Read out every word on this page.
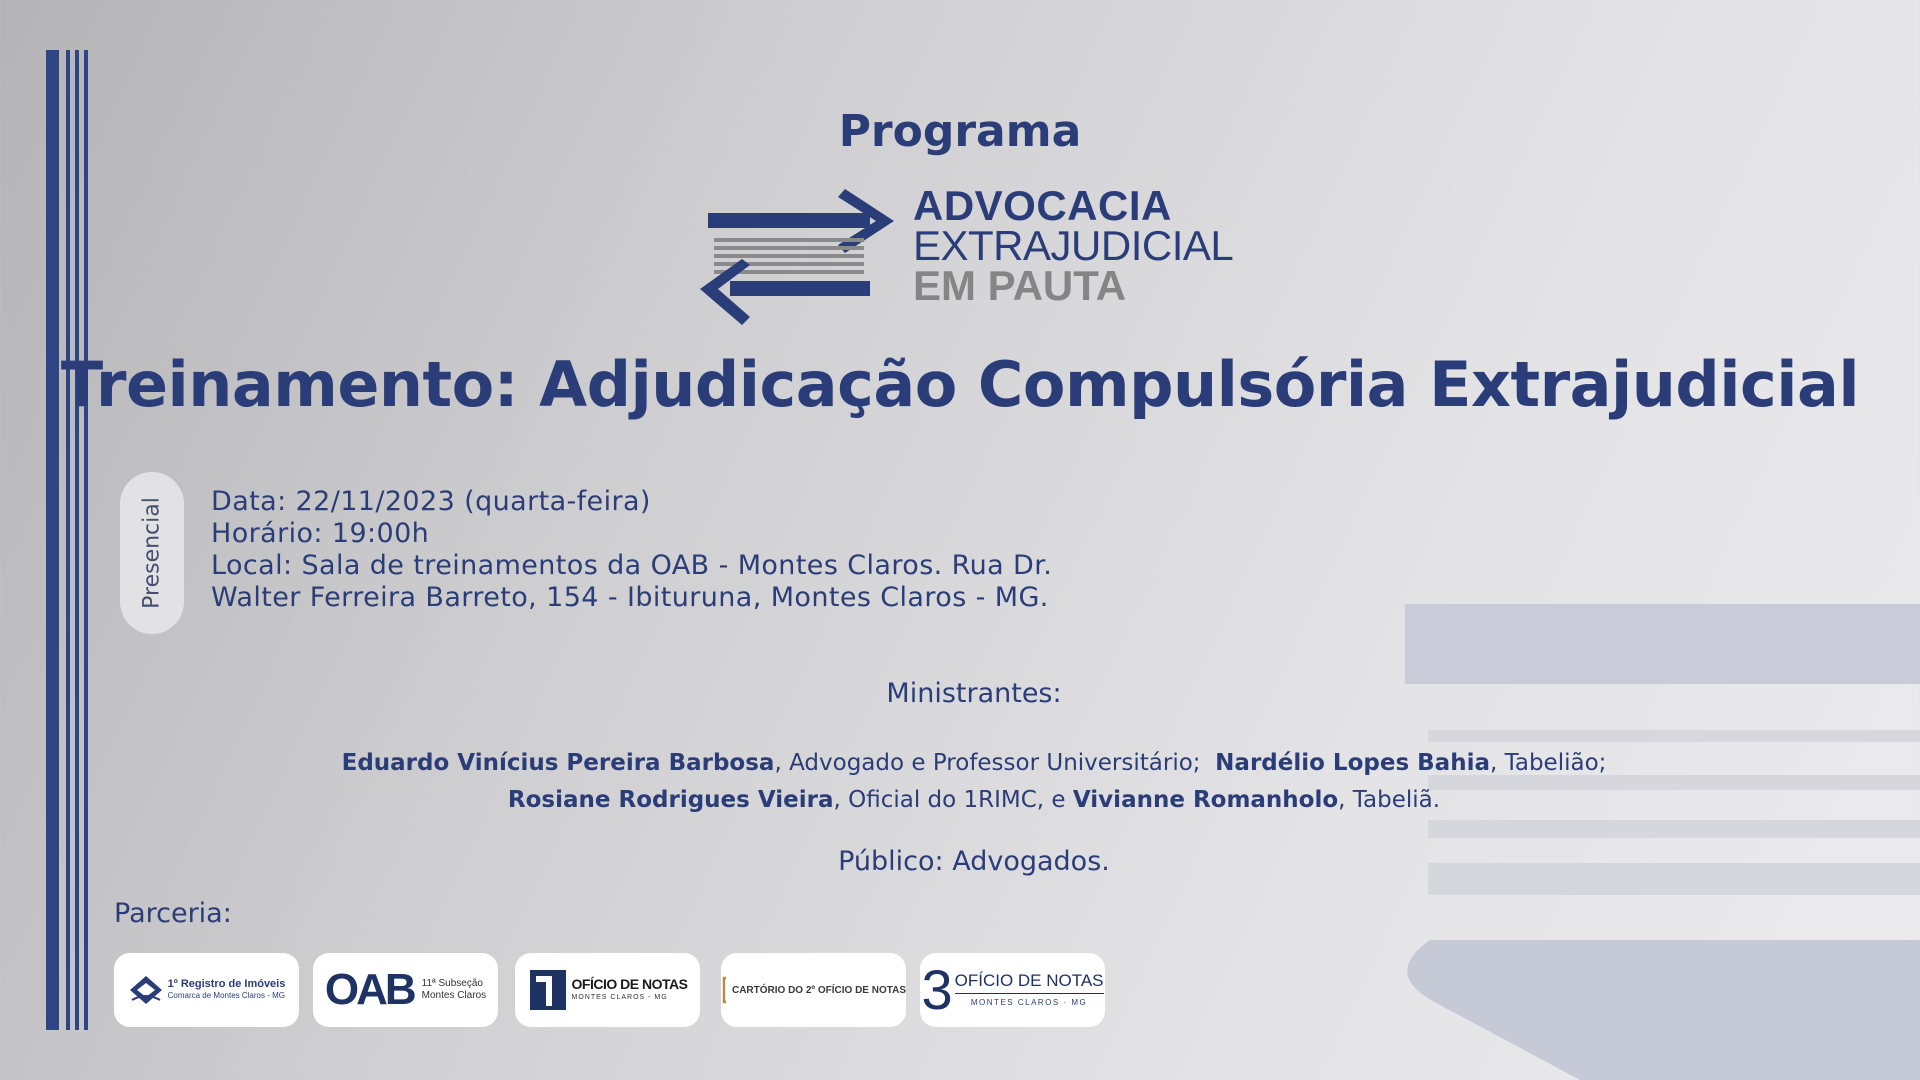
Programa
ADVOCACIA
EXTRAJUDICIAL
EM PAUTA
Treinamento: Adjudicação Compulsória Extrajudicial
Presencial Data: 22/11/2023 (quarta-feira)
Horário: 19:00h
Local: Sala de treinamentos da OAB - Montes Claros. Rua Dr.
Walter Ferreira Barreto, 154 - Ibituruna, Montes Claros - MG.
Ministrantes:
Eduardo Vinícius Pereira Barbosa, Advogado e Professor Universitário;  Nardélio Lopes Bahia, Tabelião;
Rosiane Rodrigues Vieira, Oficial do 1RIMC, e Vivianne Romanholo, Tabeliã.
Público: Advogados.
Parceria:
1º Registro de Imóveis
Comarca de Montes Claros - MG OAB 11ª Subseção
Montes Claros
OFÍCIO DE NOTAS
MONTES CLAROS - MG
CARTÓRIO DO 2º OFÍCIO DE NOTAS 3 OFÍCIO DE NOTAS
MONTES CLAROS · MG
